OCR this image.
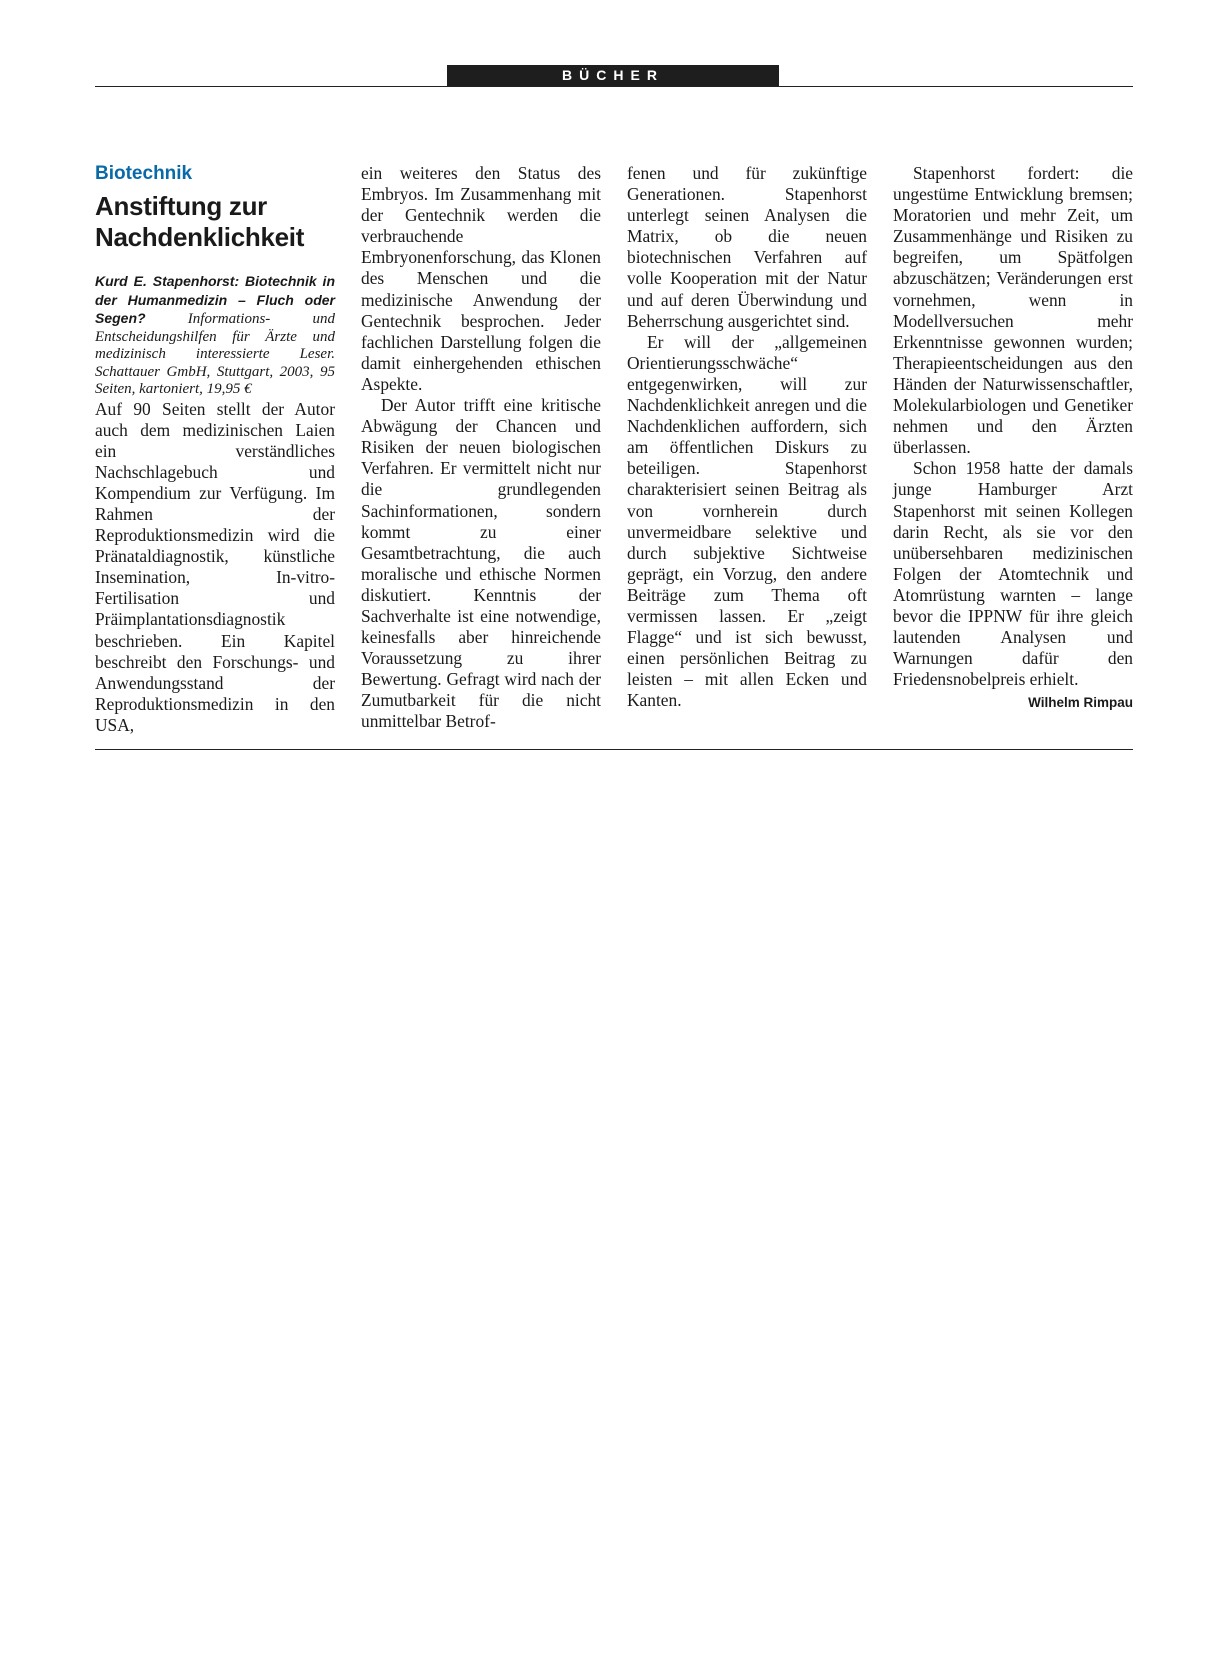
BÜCHER
Biotechnik
Anstiftung zur
Nachdenklichkeit

Kurd E. Stapenhorst: Biotechnik in der Humanmedizin – Fluch oder Segen? Informations- und Entscheidungshilfen für Ärzte und medizinisch interessierte Leser. Schattauer GmbH, Stuttgart, 2003, 95 Seiten, kartoniert, 19,95 €

Auf 90 Seiten stellt der Autor auch dem medizinischen Laien ein verständliches Nachschlagebuch und Kompendium zur Verfügung. Im Rahmen der Reproduktionsmedizin wird die Pränataldiagnostik, künstliche Insemination, In-vitro-Fertilisation und Präimplantationsdiagnostik beschrieben. Ein Kapitel beschreibt den Forschungs- und Anwendungsstand der Reproduktionsmedizin in den USA,

ein weiteres den Status des Embryos. Im Zusammenhang mit der Gentechnik werden die verbrauchende Embryonenforschung, das Klonen des Menschen und die medizinische Anwendung der Gentechnik besprochen. Jeder fachlichen Darstellung folgen die damit einhergehenden ethischen Aspekte.

Der Autor trifft eine kritische Abwägung der Chancen und Risiken der neuen biologischen Verfahren. Er vermittelt nicht nur die grundlegenden Sachinformationen, sondern kommt zu einer Gesamtbetrachtung, die auch moralische und ethische Normen diskutiert. Kenntnis der Sachverhalte ist eine notwendige, keinesfalls aber hinreichende Voraussetzung zu ihrer Bewertung. Gefragt wird nach der Zumutbarkeit für die nicht unmittelbar Betrof-

fenen und für zukünftige Generationen. Stapenhorst unterlegt seinen Analysen die Matrix, ob die neuen biotechnischen Verfahren auf volle Kooperation mit der Natur und auf deren Überwindung und Beherrschung ausgerichtet sind.

Er will der „allgemeinen Orientierungsschwäche“ entgegenwirken, will zur Nachdenklichkeit anregen und die Nachdenklichen auffordern, sich am öffentlichen Diskurs zu beteiligen. Stapenhorst charakterisiert seinen Beitrag als von vornherein durch unvermeidbare selektive und durch subjektive Sichtweise geprägt, ein Vorzug, den andere Beiträge zum Thema oft vermissen lassen. Er „zeigt Flagge“ und ist sich bewusst, einen persönlichen Beitrag zu leisten – mit allen Ecken und Kanten.

Stapenhorst fordert: die ungestüme Entwicklung bremsen; Moratorien und mehr Zeit, um Zusammenhänge und Risiken zu begreifen, um Spätfolgen abzuschätzen; Veränderungen erst vornehmen, wenn in Modellversuchen mehr Erkenntnisse gewonnen wurden; Therapieentscheidungen aus den Händen der Naturwissenschaftler, Molekularbiologen und Genetiker nehmen und den Ärzten überlassen.

Schon 1958 hatte der damals junge Hamburger Arzt Stapenhorst mit seinen Kollegen darin Recht, als sie vor den unübersehbaren medizinischen Folgen der Atomtechnik und Atomrüstung warnten – lange bevor die IPPNW für ihre gleich lautenden Analysen und Warnungen dafür den Friedensnobelpreis erhielt.
Wilhelm Rimpau
